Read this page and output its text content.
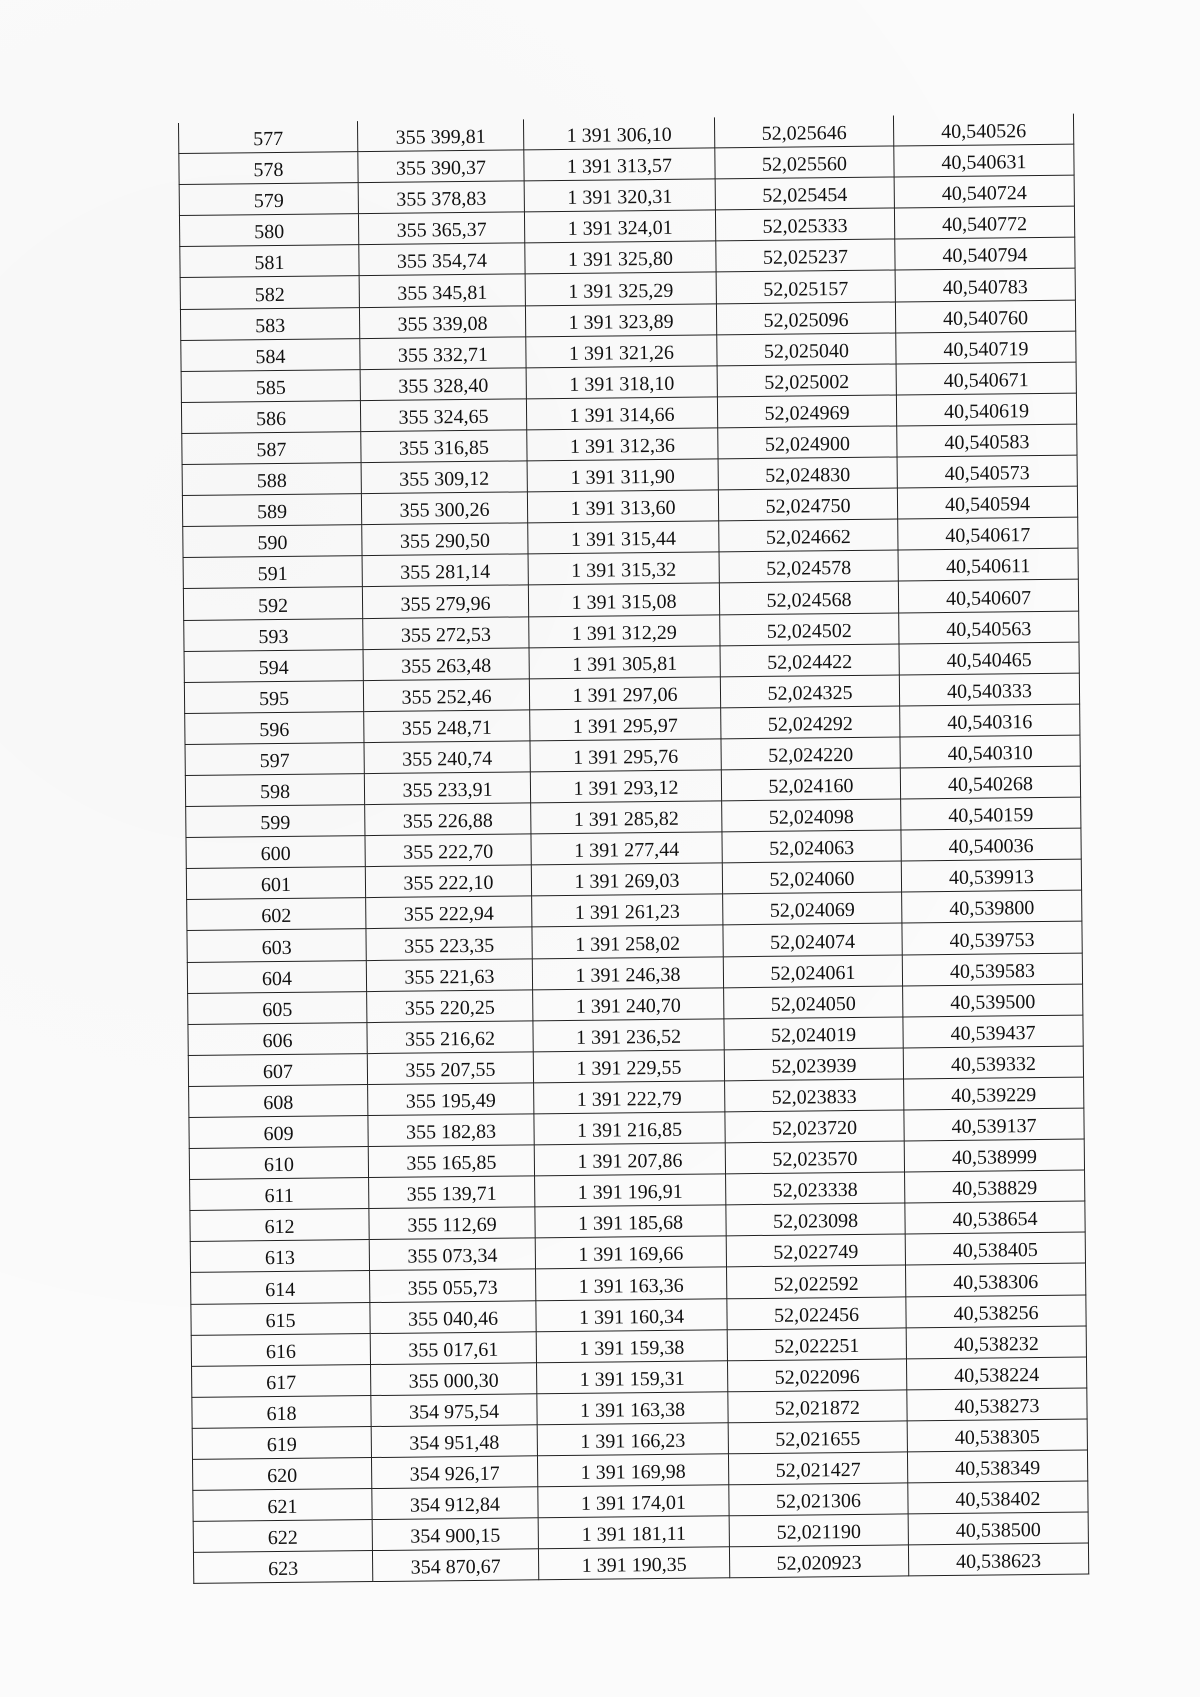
577	355 399,81	1 391 306,10	52,025646	40,540526
578	355 390,37	1 391 313,57	52,025560	40,540631
579	355 378,83	1 391 320,31	52,025454	40,540724
580	355 365,37	1 391 324,01	52,025333	40,540772
581	355 354,74	1 391 325,80	52,025237	40,540794
582	355 345,81	1 391 325,29	52,025157	40,540783
583	355 339,08	1 391 323,89	52,025096	40,540760
584	355 332,71	1 391 321,26	52,025040	40,540719
585	355 328,40	1 391 318,10	52,025002	40,540671
586	355 324,65	1 391 314,66	52,024969	40,540619
587	355 316,85	1 391 312,36	52,024900	40,540583
588	355 309,12	1 391 311,90	52,024830	40,540573
589	355 300,26	1 391 313,60	52,024750	40,540594
590	355 290,50	1 391 315,44	52,024662	40,540617
591	355 281,14	1 391 315,32	52,024578	40,540611
592	355 279,96	1 391 315,08	52,024568	40,540607
593	355 272,53	1 391 312,29	52,024502	40,540563
594	355 263,48	1 391 305,81	52,024422	40,540465
595	355 252,46	1 391 297,06	52,024325	40,540333
596	355 248,71	1 391 295,97	52,024292	40,540316
597	355 240,74	1 391 295,76	52,024220	40,540310
598	355 233,91	1 391 293,12	52,024160	40,540268
599	355 226,88	1 391 285,82	52,024098	40,540159
600	355 222,70	1 391 277,44	52,024063	40,540036
601	355 222,10	1 391 269,03	52,024060	40,539913
602	355 222,94	1 391 261,23	52,024069	40,539800
603	355 223,35	1 391 258,02	52,024074	40,539753
604	355 221,63	1 391 246,38	52,024061	40,539583
605	355 220,25	1 391 240,70	52,024050	40,539500
606	355 216,62	1 391 236,52	52,024019	40,539437
607	355 207,55	1 391 229,55	52,023939	40,539332
608	355 195,49	1 391 222,79	52,023833	40,539229
609	355 182,83	1 391 216,85	52,023720	40,539137
610	355 165,85	1 391 207,86	52,023570	40,538999
611	355 139,71	1 391 196,91	52,023338	40,538829
612	355 112,69	1 391 185,68	52,023098	40,538654
613	355 073,34	1 391 169,66	52,022749	40,538405
614	355 055,73	1 391 163,36	52,022592	40,538306
615	355 040,46	1 391 160,34	52,022456	40,538256
616	355 017,61	1 391 159,38	52,022251	40,538232
617	355 000,30	1 391 159,31	52,022096	40,538224
618	354 975,54	1 391 163,38	52,021872	40,538273
619	354 951,48	1 391 166,23	52,021655	40,538305
620	354 926,17	1 391 169,98	52,021427	40,538349
621	354 912,84	1 391 174,01	52,021306	40,538402
622	354 900,15	1 391 181,11	52,021190	40,538500
623	354 870,67	1 391 190,35	52,020923	40,538623
